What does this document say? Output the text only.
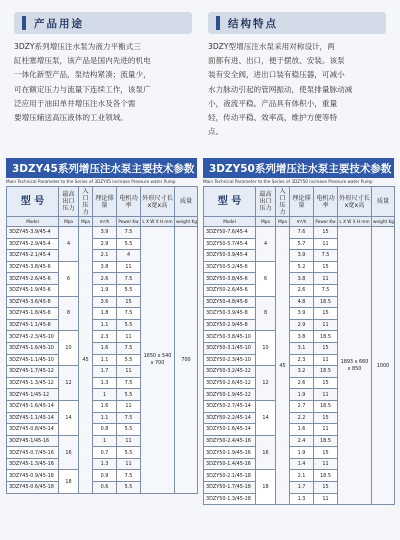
产品用途
3DZY系列增压注水泵为液力平衡式三
缸柱塞增压泵，该产品是国内先进的机电
一体化新型产品，泵结构紧凑；流量少，
可在额定压力与流量下连续工作，该泵广
泛应用于油田单井增压注水及各个需
要增压辅送高压液体的工业领域。
结构特点
3DZY型增压注水泵采用对称设计，两
面都有进、出口，便于摆放、安装。该泵
装有安全阀，进出口装有稳压器，可减小
水力脉动引起的管网振动，使泵排量脉动减
小，液流平稳。产品具有体积小，重量
轻，传动平稳、效率高，维护方便等特
点。
3DZY45系列增压注水泵主要技术参数
Main Technical Parameter to the Series of 3DZY45 increase Pressure water Pump
3DZY50系列增压注水泵主要技术参数
Main Technical Parameter to the Series of 3DZY50 increase Pressure water Pump
型 号	最高出口压力	入口压力	理论排量	电机功率	外形尺寸长x宽x高	质量
Model	Mpa	Mpa	m³/h	Power Kw	L X W X H mm	weight Kg
3DZY45-3.9/45-4	4	45	3.9	7.5	1650 x 540 x 700	700
3DZY45-2.9/45-4			2.9	5.5		
3DZY45-2.1/45-4			2.1	4		
3DZY45-3.8/45-6	6		3.8	11		
3DZY45-2.6/45-6			2.6	7.5		
3DZY45-1.9/45-6			1.9	5.5		
3DZY45-3.6/45-8	8		3.6	15		
3DZY45-1.8/45-8			1.8	7.5		
3DZY45-1.1/45-8			1.1	5.5		
3DZY45-2.3/45-10	10		2.3	11		
3DZY45-1.6/45-10			1.6	7.5		
3DZY45-1.1/45-10			1.1	5.5		
3DZY45-1.7/45-12	12		1.7	11		
3DZY45-1.3/45-12			1.3	7.5		
3DZY45-1/45-12			1	5.5		
3DZY45-1.6/45-14	14		1.6	11		
3DZY45-1.1/45-14			1.1	7.5		
3DZY45-0.8/45-14			0.8	5.5		
3DZY45-1/45-16	16		1	11		
3DZY45-0.7/45-16			0.7	5.5		
3DZY45-1.3/45-16			1.3	11		
3DZY45-0.9/45-18	18		0.9	7.5		
3DZY45-0.6/45-18			0.6	5.5		
型 号	最高出口压力	入口压力	理论排量	电机功率	外形尺寸长x宽x高	质量
Model	Mpa	Mpa	m³/h	Power Kw	L X W X H mm	weight Kg
3DZY50-7.6/45-4	4	45	7.6	15	1893 x 660 x 850	1000
3DZY50-5.7/45-4			5.7	11		
3DZY50-3.9/45-4			3.9	7.5		
3DZY50-5.2/45-6	6		5.2	15		
3DZY50-3.8/45-6			3.8	11		
3DZY50-2.6/45-6			2.6	7.5		
3DZY50-4.8/45-8	8		4.8	18.5		
3DZY50-3.9/45-8			3.9	15		
3DZY50-2.9/45-8			2.9	11		
3DZY50-3.8/45-10	10		3.8	18.5		
3DZY50-3.1/45-10			3.1	15		
3DZY50-2.3/45-10			2.3	11		
3DZY50-3.2/45-12	12		3.2	18.5		
3DZY50-2.6/45-12			2.6	15		
3DZY50-1.9/45-12			1.9	11		
3DZY50-2.7/45-14	14		2.7	18.5		
3DZY50-2.2/45-14			2.2	15		
3DZY50-1.6/45-14			1.6	11		
3DZY50-2.4/45-16	16		2.4	18.5		
3DZY50-1.9/45-16			1.9	15		
3DZY50-1.4/45-16			1.4	11		
3DZY50-2.1/45-18	18		2.1	18.5		
3DZY50-1.7/45-18			1.7	15		
3DZY50-1.3/45-18			1.3	11		
